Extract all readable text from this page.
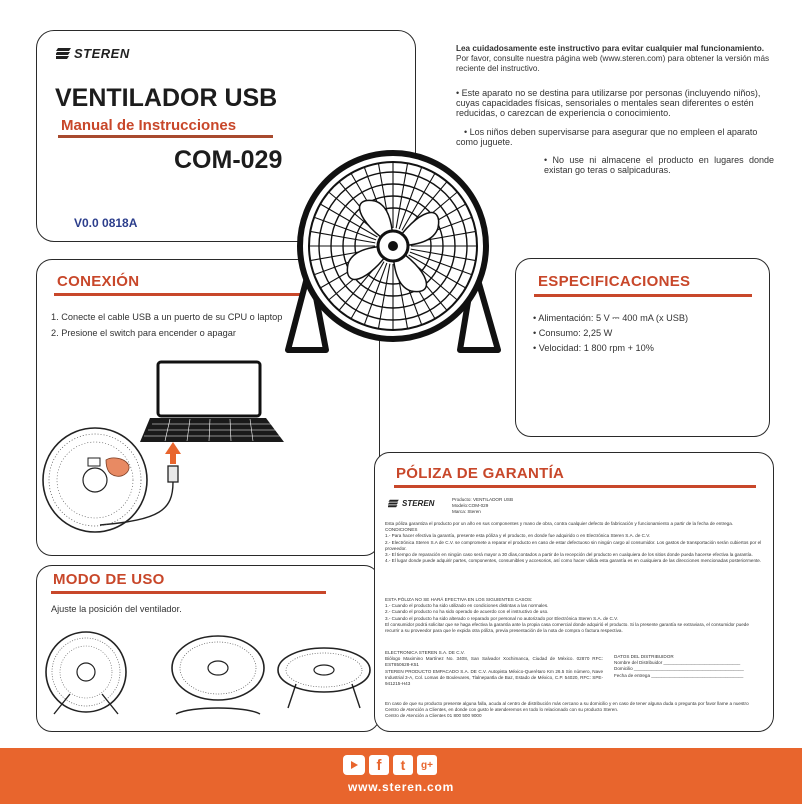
STEREN
VENTILADOR USB
Manual de Instrucciones
COM-029
V0.0 0818A
Lea cuidadosamente este instructivo para evitar cualquier mal funcionamiento.
Por favor, consulte nuestra página web (www.steren.com) para obtener la versión más reciente del instructivo.
• Este aparato no se destina para utilizarse por personas (incluyendo niños), cuyas capacidades físicas, sensoriales o mentales sean diferentes o estén reducidas, o carezcan de experiencia o conocimiento.
• Los niños deben supervisarse para asegurar que no empleen el aparato como juguete.
• No use ni almacene el producto en lugares donde existan go teras o salpicaduras.
CONEXIÓN
1. Conecte el cable USB a un puerto de su CPU o laptop
2. Presione el switch para encender o apagar
MODO DE USO
Ajuste la posición del ventilador.
ESPECIFICACIONES
• Alimentación: 5 V ⎓ 400 mA (x USB)
• Consumo: 2,25 W
• Velocidad: 1 800 rpm + 10%
PÓLIZA DE GARANTÍA
STEREN	Producto: VENTILADOR USB
Modelo:COM-029
Marca: Steren
Esta póliza garantiza el producto por un año en sus componentes y mano de obra, contra cualquier defecto de fabricación y funcionamiento a partir de la fecha de entrega.
CONDICIONES
1.- Para hacer efectiva la garantía, presente esta póliza y el producto, en donde fue adquirido o en Electrónica Steren S.A. de C.V.
2.- Electrónica Steren S.A de C.V. se compromete a reparar el producto en caso de estar defectuoso sin ningún cargo al consumidor. Los gastos de transportación serán cubiertos por el proveedor.
3.- El tiempo de reparación en ningún caso será mayor a 30 días,contados a partir de la recepción del producto en cualquiera de los sitios donde pueda hacerse efectiva la garantía.
4.- El lugar donde puede adquirir partes, componentes, consumibles y accesorios, así como hacer válida esta garantía es en cualquiera de las direcciones mencionadas posteriormente.
ESTA PÓLIZA NO SE HARÁ EFECTIVA EN LOS SIGUIENTES CASOS:
1.- Cuando el producto ha sido utilizado en condiciones distintas a las normales.
2.- Cuando el producto no ha sido operado de acuerdo con el instructivo de uso.
3.- Cuando el producto ha sido alterado o reparado por personal no autorizado por Electrónica Steren S.A. de C.V.
El consumidor podrá solicitar que se haga efectiva la garantía ante la propia casa comercial donde adquirió el producto. Si la presente garantía se extraviara, el consumidor puede recurrir a su proveedor para que le expida otra póliza, previa presentación de la nota de compra o factura respectiva.
ELECTRONICA STEREN S.A. DE C.V.
Biólogo Maximino Martínez No. 3408, San Salvador Xochimanca, Ciudad de México. 02870 RFC: EST850628-K51
STEREN PRODUCTO EMPACADO S.A. DE C.V. Autopista México-Querétaro Km 26.5 Sin número, Nave Industrial 3-A, Col. Lomas de Boulevares, Tlalnepantla de Baz, Estado de México, C.P. 54020, RFC: SPE-941215-H43
DATOS DEL DISTRIBUIDOR
Nombre del Distribuidor ______________________________
Domicilio ___________________________________________
Fecha de entrega ____________________________________
En caso de que su producto presente alguna falla, acuda al centro de distribución más cercano a su domicilio y en caso de tener alguna duda o pregunta por favor llame a nuestro
Centro de Atención a Clientes, en donde con gusto le atenderemos en todo lo relacionado con su producto Steren.
Centro de Atención a Clientes 01 800 500 9000
f	t	g+
www.steren.com
